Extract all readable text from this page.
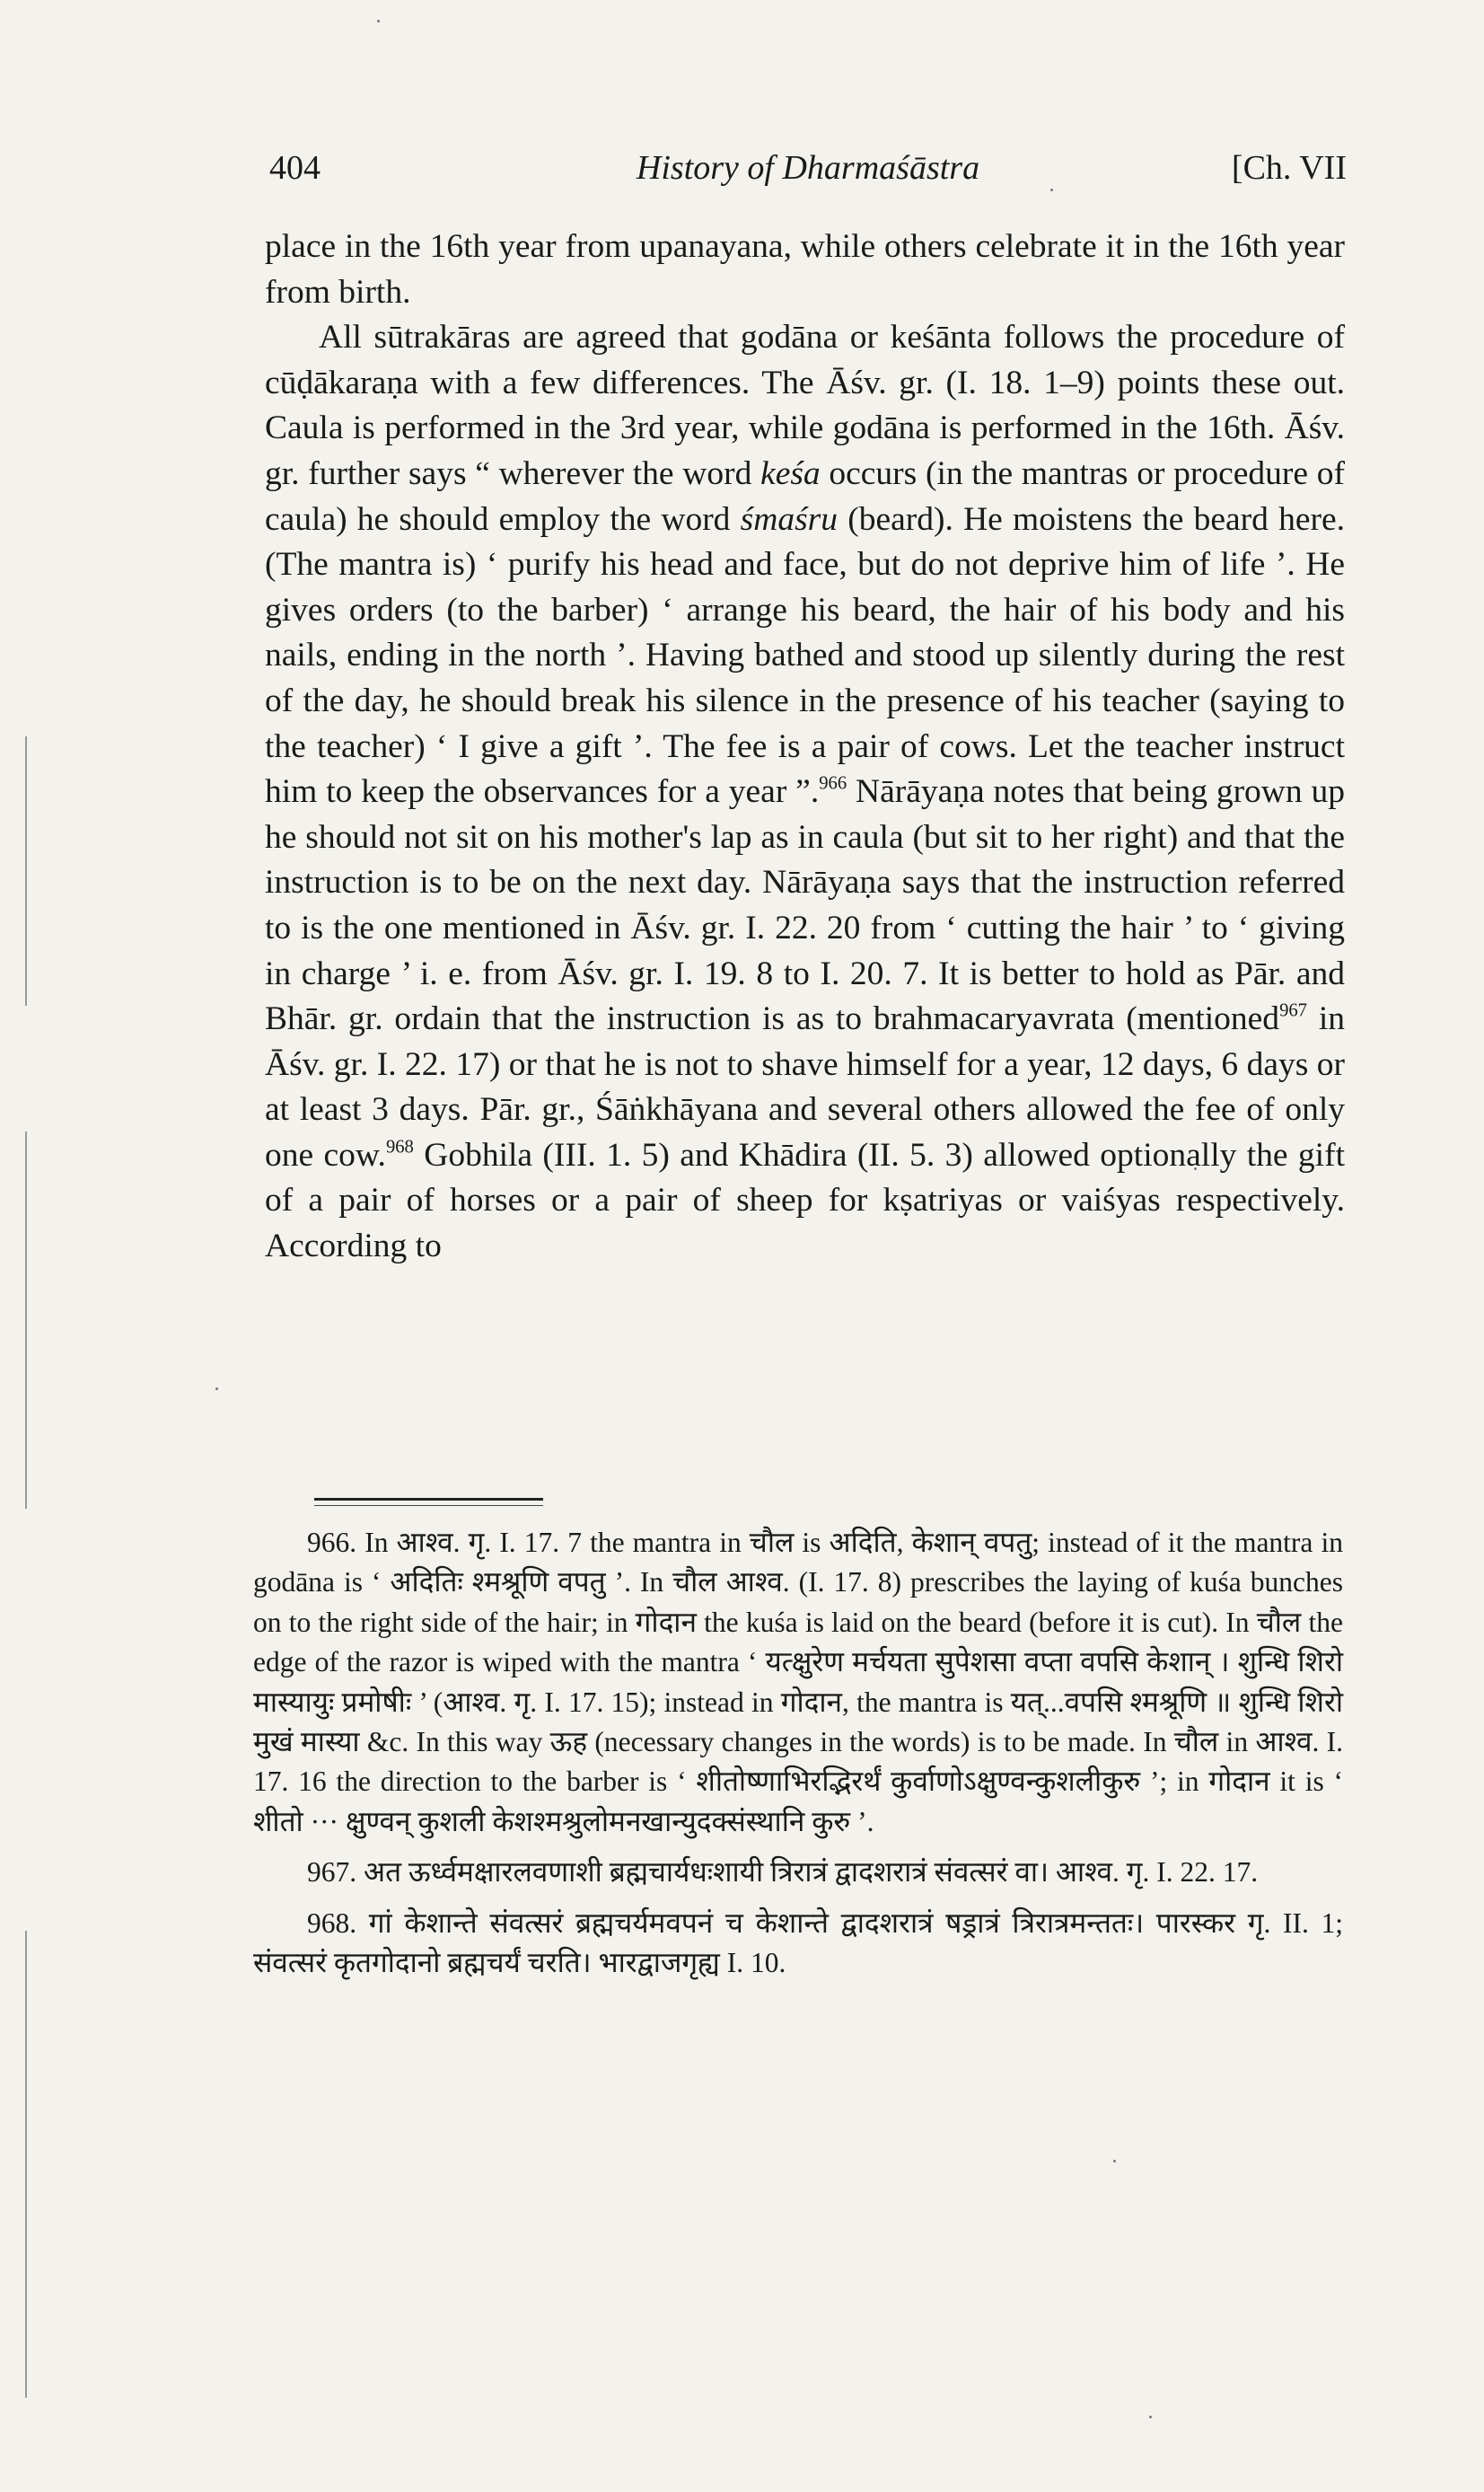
404	History of Dharmaśāstra	[Ch. VII

place in the 16th year from upanayana, while others celebrate it in the 16th year from birth.

All sūtrakāras are agreed that godāna or keśānta follows the procedure of cūḍākaraṇa with a few differences. The Āśv. gr. (I. 18. 1–9) points these out. Caula is performed in the 3rd year, while godāna is performed in the 16th. Āśv. gr. further says “ wherever the word keśa occurs (in the mantras or procedure of caula) he should employ the word śmaśru (beard). He moistens the beard here. (The mantra is) ‘ purify his head and face, but do not deprive him of life ’. He gives orders (to the barber) ‘ arrange his beard, the hair of his body and his nails, ending in the north ’. Having bathed and stood up silently during the rest of the day, he should break his silence in the presence of his teacher (saying to the teacher) ‘ I give a gift ’. The fee is a pair of cows. Let the teacher instruct him to keep the observances for a year ”.$^{966}$ Nārāyaṇa notes that being grown up he should not sit on his mother's lap as in caula (but sit to her right) and that the instruction is to be on the next day. Nārāyaṇa says that the instruction referred to is the one mentioned in Āśv. gr. I. 22. 20 from ‘ cutting the hair ’ to ‘ giving in charge ’ i. e. from Āśv. gr. I. 19. 8 to I. 20. 7. It is better to hold as Pār. and Bhār. gr. ordain that the instruction is as to brahmacaryavrata (mentioned$^{967}$ in Āśv. gr. I. 22. 17) or that he is not to shave himself for a year, 12 days, 6 days or at least 3 days. Pār. gr., Śāṅkhāyana and several others allowed the fee of only one cow.$^{968}$ Gobhila (III. 1. 5) and Khādira (II. 5. 3) allowed optionally the gift of a pair of horses or a pair of sheep for kṣatriyas or vaiśyas respectively. According to

966. In आश्व. गृ. I. 17. 7 the mantra in चौल is अदिति, केशान् वपतु; instead of it the mantra in godāna is ‘ अदितिः श्मश्रूणि वपतु ’. In चौल आश्व. (I. 17. 8) prescribes the laying of kuśa bunches on to the right side of the hair; in गोदान the kuśa is laid on the beard (before it is cut). In चौल the edge of the razor is wiped with the mantra ‘ यत्क्षुरेण मर्चयता सुपेशसा वप्ता वपसि केशान् । शुन्धि शिरो मास्यायुः प्रमोषीः ’ (आश्व. गृ. I. 17. 15); instead in गोदान, the mantra is यत्...वपसि श्मश्रूणि ॥ शुन्धि शिरो मुखं मास्या &c. In this way ऊह (necessary changes in the words) is to be made. In चौल in आश्व. I. 17. 16 the direction to the barber is ‘ शीतोष्णाभिरद्भिरर्थं कुर्वाणोऽक्षुण्वन्कुशलीकुरु ’; in गोदान it is ‘ शीतो ··· क्षुण्वन् कुशली केशश्मश्रुलोमनखान्युदक्संस्थानि कुरु ’.

967. अत ऊर्ध्वमक्षारलवणाशी ब्रह्मचार्यधःशायी त्रिरात्रं द्वादशरात्रं संवत्सरं वा। आश्व. गृ. I. 22. 17.

968. गां केशान्ते संवत्सरं ब्रह्मचर्यमवपनं च केशान्ते द्वादशरात्रं षड्रात्रं त्रिरात्रमन्ततः। पारस्कर गृ. II. 1; संवत्सरं कृतगोदानो ब्रह्मचर्यं चरति। भारद्वाजगृह्य I. 10.
